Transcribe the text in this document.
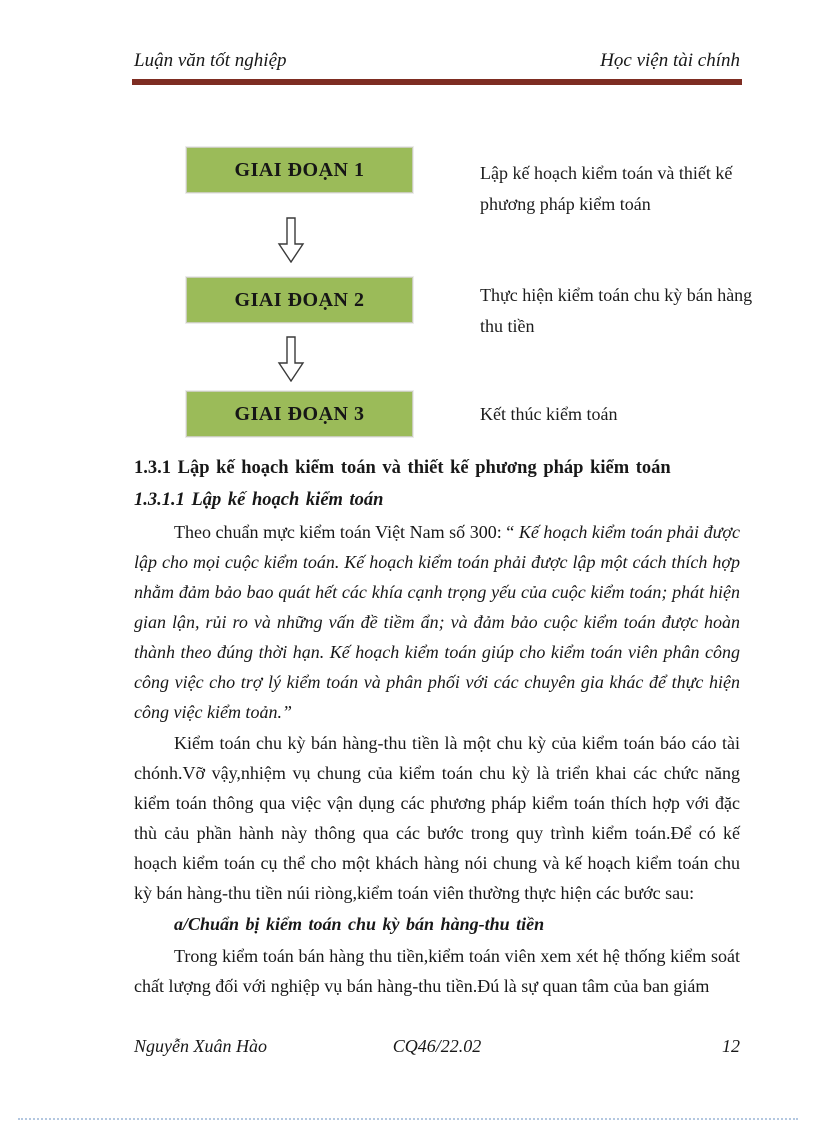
Luận văn tốt nghiệp	Học viện tài chính
GIAI ĐOẠN 1	Lập kế hoạch kiểm toán và thiết kế phương pháp kiểm toán
GIAI ĐOẠN 2	Thực hiện kiểm toán chu kỳ bán hàng thu tiền
GIAI ĐOẠN 3	Kết thúc kiểm toán
1.3.1 Lập kế hoạch kiểm toán và thiết kế phương pháp kiểm toán
1.3.1.1 Lập kế hoạch kiểm toán

Theo chuẩn mực kiểm toán Việt Nam số 300: “ Kế hoạch kiểm toán phải được lập cho mọi cuộc kiểm toán. Kế hoạch kiểm toán phải được lập một cách thích hợp nhằm đảm bảo bao quát hết các khía cạnh trọng yếu của cuộc kiểm toán; phát hiện gian lận, rủi ro và những vấn đề tiềm ẩn; và đảm bảo cuộc kiểm toán được hoàn thành theo đúng thời hạn. Kế hoạch kiểm toán giúp cho kiểm toán viên phân công công việc cho trợ lý kiểm toán và phân phối với các chuyên gia khác để thực hiện công việc kiểm toản.”

Kiểm toán chu kỳ bán hàng-thu tiền là một chu kỳ của kiểm toán báo cáo tài chónh.Vỡ vậy,nhiệm vụ chung của kiểm toán chu kỳ là triển khai các chức năng kiểm toán thông qua việc vận dụng các phương pháp kiểm toán thích hợp với đặc thù cảu phần hành này thông qua các bước trong quy trình kiểm toán.Để có kế hoạch kiểm toán cụ thể cho một khách hàng nói chung và kế hoạch kiểm toán chu kỳ bán hàng-thu tiền núi riòng,kiểm toán viên thường thực hiện các bước sau:

a/Chuẩn bị kiểm toán chu kỳ bán hàng-thu tiền

Trong kiểm toán bán hàng thu tiền,kiểm toán viên xem xét hệ thống kiểm soát chất lượng đối với nghiệp vụ bán hàng-thu tiền.Đú là sự quan tâm của ban giám

Nguyễn Xuân Hào	CQ46/22.02	12
